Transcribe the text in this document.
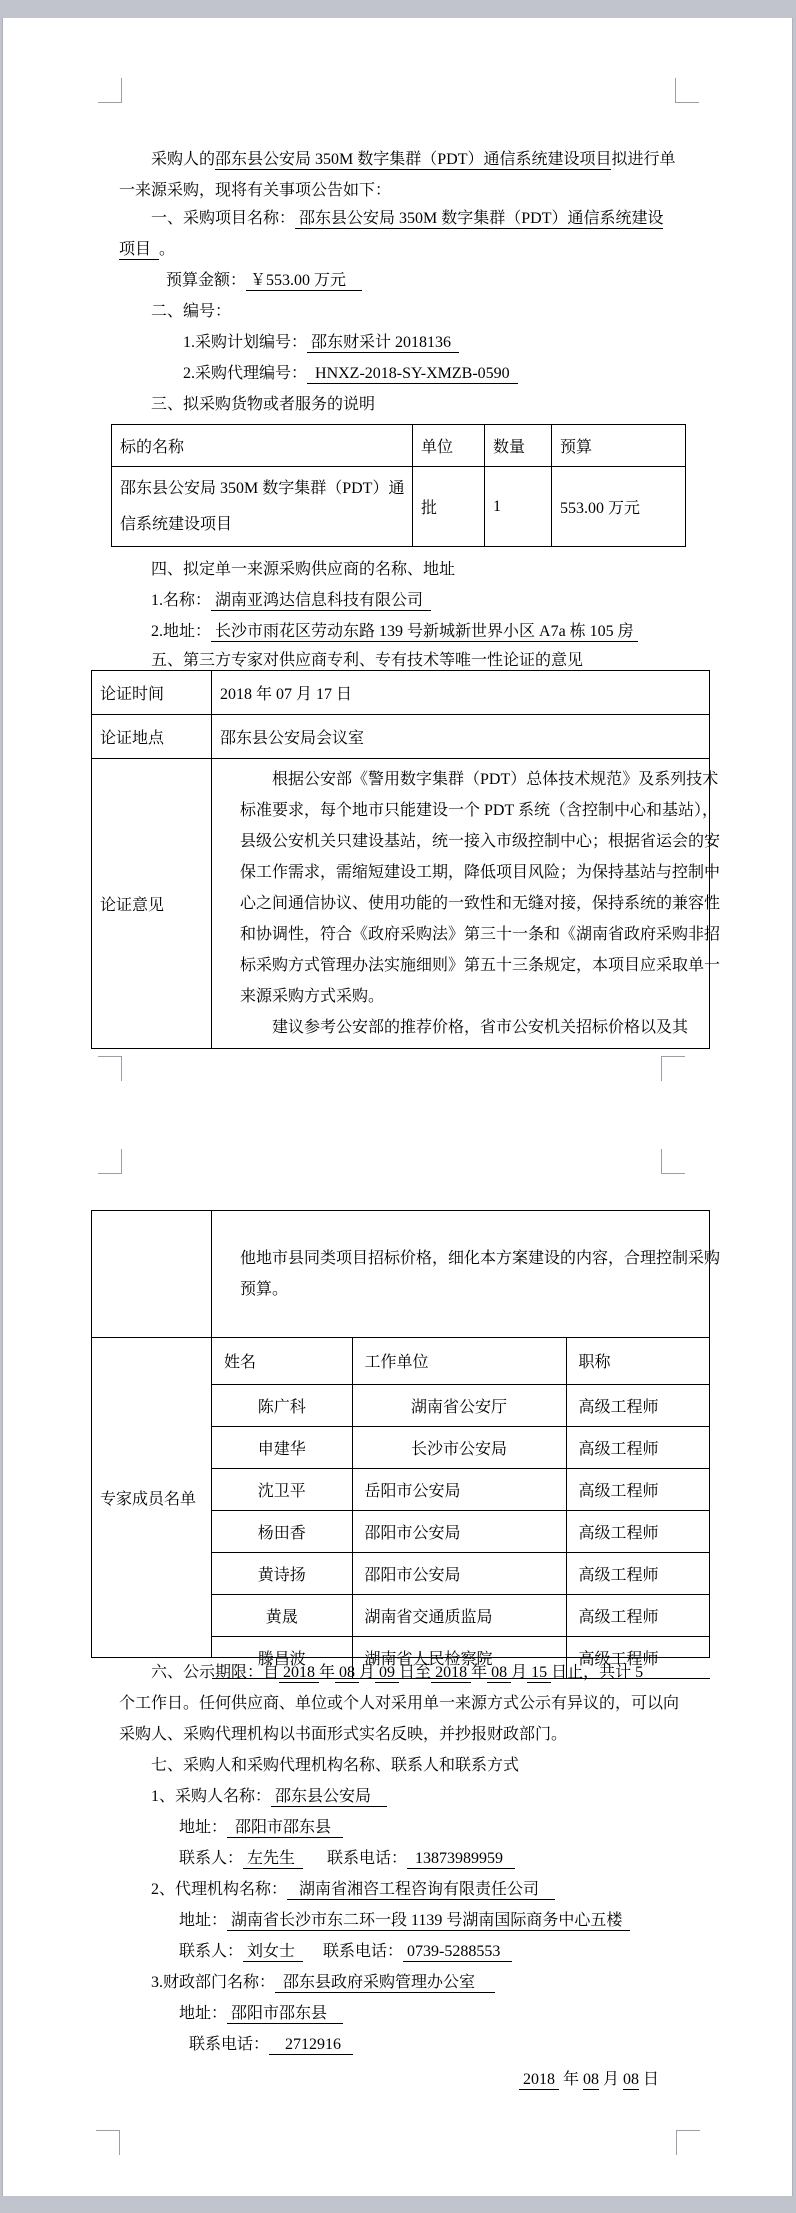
采购人的邵东县公安局 350M 数字集群（PDT）通信系统建设项目拟进行单
一来源采购，现将有关事项公告如下：
一、采购项目名称： 邵东县公安局 350M 数字集群（PDT）通信系统建设
项目  。
预算金额： ￥553.00 万元
二、编号：
1.采购计划编号： 邵东财采计 2018136
2.采购代理编号：  HNXZ-2018-SY-XMZB-0590
三、拟采购货物或者服务的说明
标的名称	单位	数量	预算

邵东县公安局 350M 数字集群（PDT）通
信系统建设项目	批	1	553.00 万元
四、拟定单一来源采购供应商的名称、地址
1.名称： 湖南亚鸿达信息科技有限公司
2.地址： 长沙市雨花区劳动东路 139 号新城新世界小区 A7a 栋 105 房
五、第三方专家对供应商专利、专有技术等唯一性论证的意见
论证时间	2018 年 07 月 17 日
论证地点	邵东县公安局会议室
论证意见	
根据公安部《警用数字集群（PDT）总体技术规范》及系列技术
标准要求，每个地市只能建设一个 PDT 系统（含控制中心和基站），
县级公安机关只建设基站，统一接入市级控制中心；根据省运会的安
保工作需求，需缩短建设工期，降低项目风险；为保持基站与控制中
心之间通信协议、使用功能的一致性和无缝对接，保持系统的兼容性
和协调性，符合《政府采购法》第三十一条和《湖南省政府采购非招
标采购方式管理办法实施细则》第五十三条规定，本项目应采取单一
来源采购方式采购。
建议参考公安部的推荐价格，省市公安机关招标价格以及其

他地市县同类项目招标价格，细化本方案建设的内容，合理控制采购
预算。

专家成员名单	
姓名	工作单位	职称
陈广科	湖南省公安厅	高级工程师
申建华	长沙市公安局	高级工程师
沈卫平	岳阳市公安局	高级工程师
杨田香	邵阳市公安局	高级工程师
黄诗扬	邵阳市公安局	高级工程师
黄晟	湖南省交通质监局	高级工程师
滕昌波	湖南省人民检察院	高级工程师
六、公示期限：自 2018 年 08 月 09 日至 2018 年 08 月 15 日止，共计 5
个工作日。任何供应商、单位或个人对采用单一来源方式公示有异议的，可以向
采购人、采购代理机构以书面形式实名反映，并抄报财政部门。
七、采购人和采购代理机构名称、联系人和联系方式
1、采购人名称： 邵东县公安局
地址：  邵阳市邵东县
联系人： 左先生        联系电话：  13873989959
2、代理机构名称：   湖南省湘咨工程咨询有限责任公司
地址： 湖南省长沙市东二环一段 1139 号湖南国际商务中心五楼
联系人： 刘女士       联系电话： 0739-5288553
3.财政部门名称：  邵东县政府采购管理办公室
地址： 邵阳市邵东县
联系电话：    2712916
2018  年 08 月 08 日
